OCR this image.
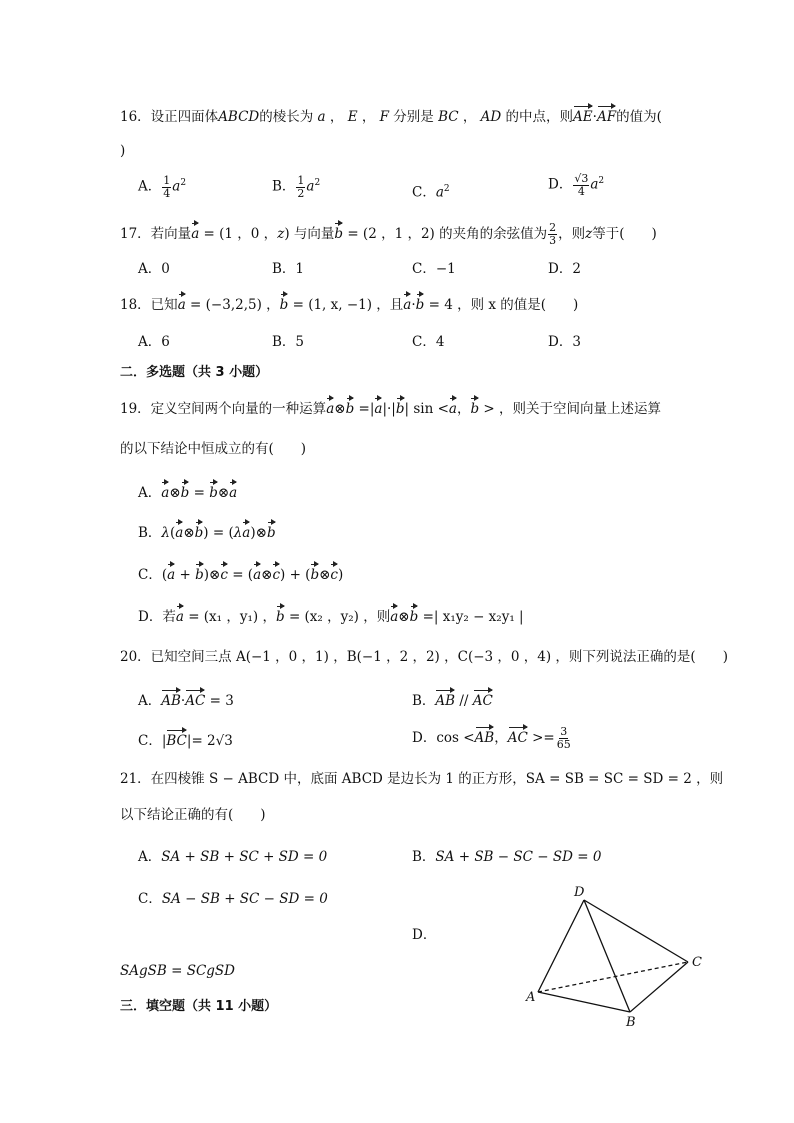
16．设正四面体ABCD的棱长为 a ， E ， F 分别是 BC ， AD 的中点，则AE·AF的值为(
)
A． $\frac{1}{4} a^2$	B． $\frac{1}{2} a^2$
C．$a^2$	D． $\frac{√3}{4} a^2$
17．若向量a = (1 ，0 ，z) 与向量b = (2 ，1 ，2) 的夹角的余弦值为 $\frac{2}{3}$ ，则z等于(　　)
A．0	B．1	C．−1	D．2
18．已知a = (−3,2,5) ，b = (1, x, −1) ，且a·b = 4 ，则 x 的值是(　　)
A．6	B．5	C．4	D．3
二．多选题（共 3 小题）
19．定义空间两个向量的一种运算a⊗b =|a|·|b| sin <a，b > ，则关于空间向量上述运算
的以下结论中恒成立的有(　　)
A．a⊗b = b⊗a
B．λ(a⊗b) = (λa)⊗b
C．(a + b)⊗c = (a⊗c) + (b⊗c)
D．若a = (x₁ ，y₁) ，b = (x₂ ，y₂) ，则a⊗b =| x₁y₂ − x₂y₁ |
20．已知空间三点 A(−1 ，0 ，1) ，B(−1 ，2 ，2) ，C(−3 ，0 ，4) ，则下列说法正确的是(　　)
A．AB·AC = 3	B．AB // AC
C．|BC|= 2√3	D．cos <AB，AC >= $\frac{3}{65}$
21．在四棱锥 S − ABCD 中，底面 ABCD 是边长为 1 的正方形，SA = SB = SC = SD = 2 ，则
以下结论正确的有(　　)
A．SA + SB + SC + SD = 0	B．SA + SB − SC − SD = 0
C．SA − SB + SC − SD = 0
D．
SAgSB = SCgSD
D
C
A
B
三．填空题（共 11 小题）
